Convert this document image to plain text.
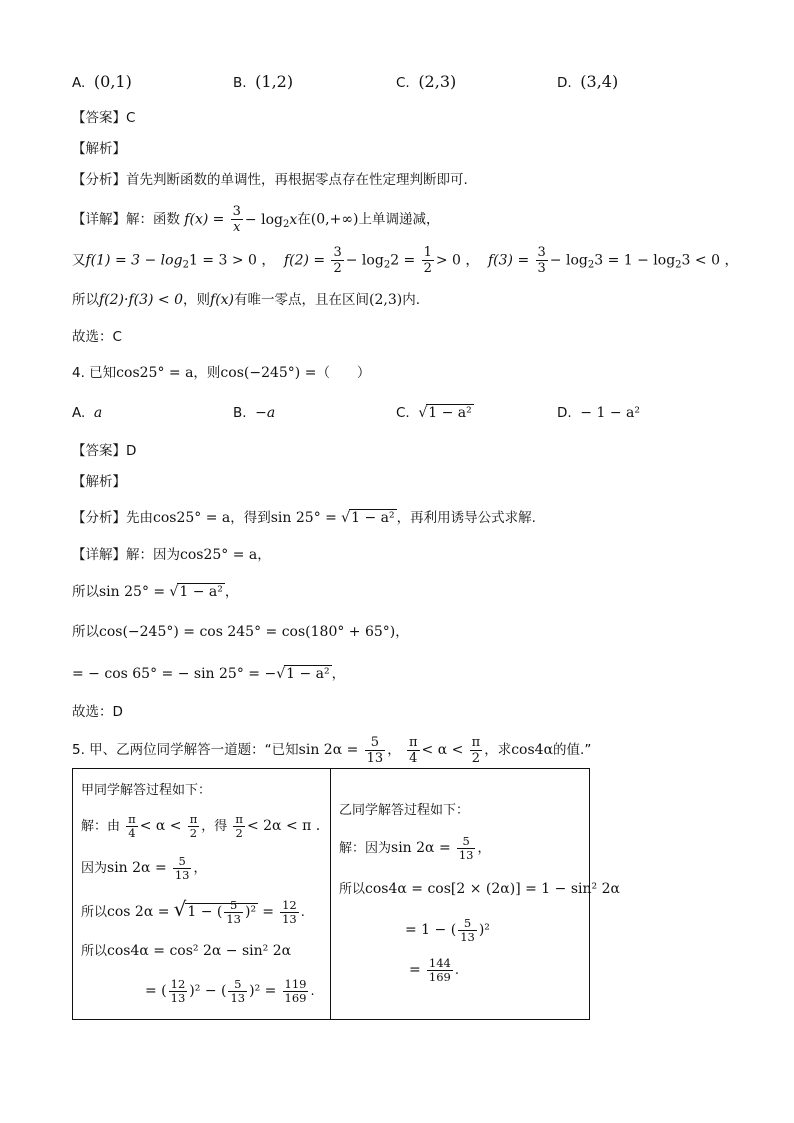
A. (0,1)	B. (1,2)	C. (2,3)	D. (3,4)
【答案】C
【解析】
【分析】首先判断函数的单调性，再根据零点存在性定理判断即可.
【详解】解：函数 $f(x) = \frac{3}{x} - \log_2x$在(0,+∞)上单调递减，
又$f(1) = 3 - \log_21 = 3 > 0$ ， $f(2) = \frac{3}{2} - \log_22 = \frac{1}{2} > 0$ ， $f(3) = \frac{3}{3} - \log_23 = 1 - \log_23 < 0$ ，
所以f(2)·f(3) < 0，则f(x)有唯一零点，且在区间(2,3)内.
故选：C
4. 已知cos25° = a，则cos(−245°) =（　　）
A. a	B. −a	C. √1 − a²	D. − 1 − a²
【答案】D
【解析】
【分析】先由cos25° = a，得到sin 25° = √1 − a² ，再利用诱导公式求解.
【详解】解：因为cos25° = a，
所以sin 25° = √1 − a² ，
所以cos(−245°) = cos 245° = cos(180° + 65°)，
= − cos 65° = − sin 25° = −√1 − a² ，
故选：D
5. 甲、乙两位同学解答一道题：“已知$\sin 2\alpha = \frac{5}{13}$ ， $\frac{\pi}{4} < \alpha < \frac{\pi}{2}$ ，求cos4α的值.”
甲同学解答过程如下：
解：由 $\frac{\pi}{4} < \alpha < \frac{\pi}{2}$ ，得 $\frac{\pi}{2} < 2\alpha < \pi$ .
因为$\sin 2\alpha = \frac{5}{13}$ ，
所以cos 2α = √1 − ( $\frac{5}{13} )^2 = \frac{12}{13}$ .
所以cos4α = cos² 2α − sin² 2α
= ( $\frac{12}{13} )^2$ − ( $\frac{5}{13} )^2 = \frac{119}{169}$ .
乙同学解答过程如下：
解：因为$\sin 2\alpha = \frac{5}{13}$ ，
所以cos4α = cos[2 × (2α)] = 1 − sin² 2α
= 1 − ( $\frac{5}{13} )^2$
= $\frac{144}{169}$ .
